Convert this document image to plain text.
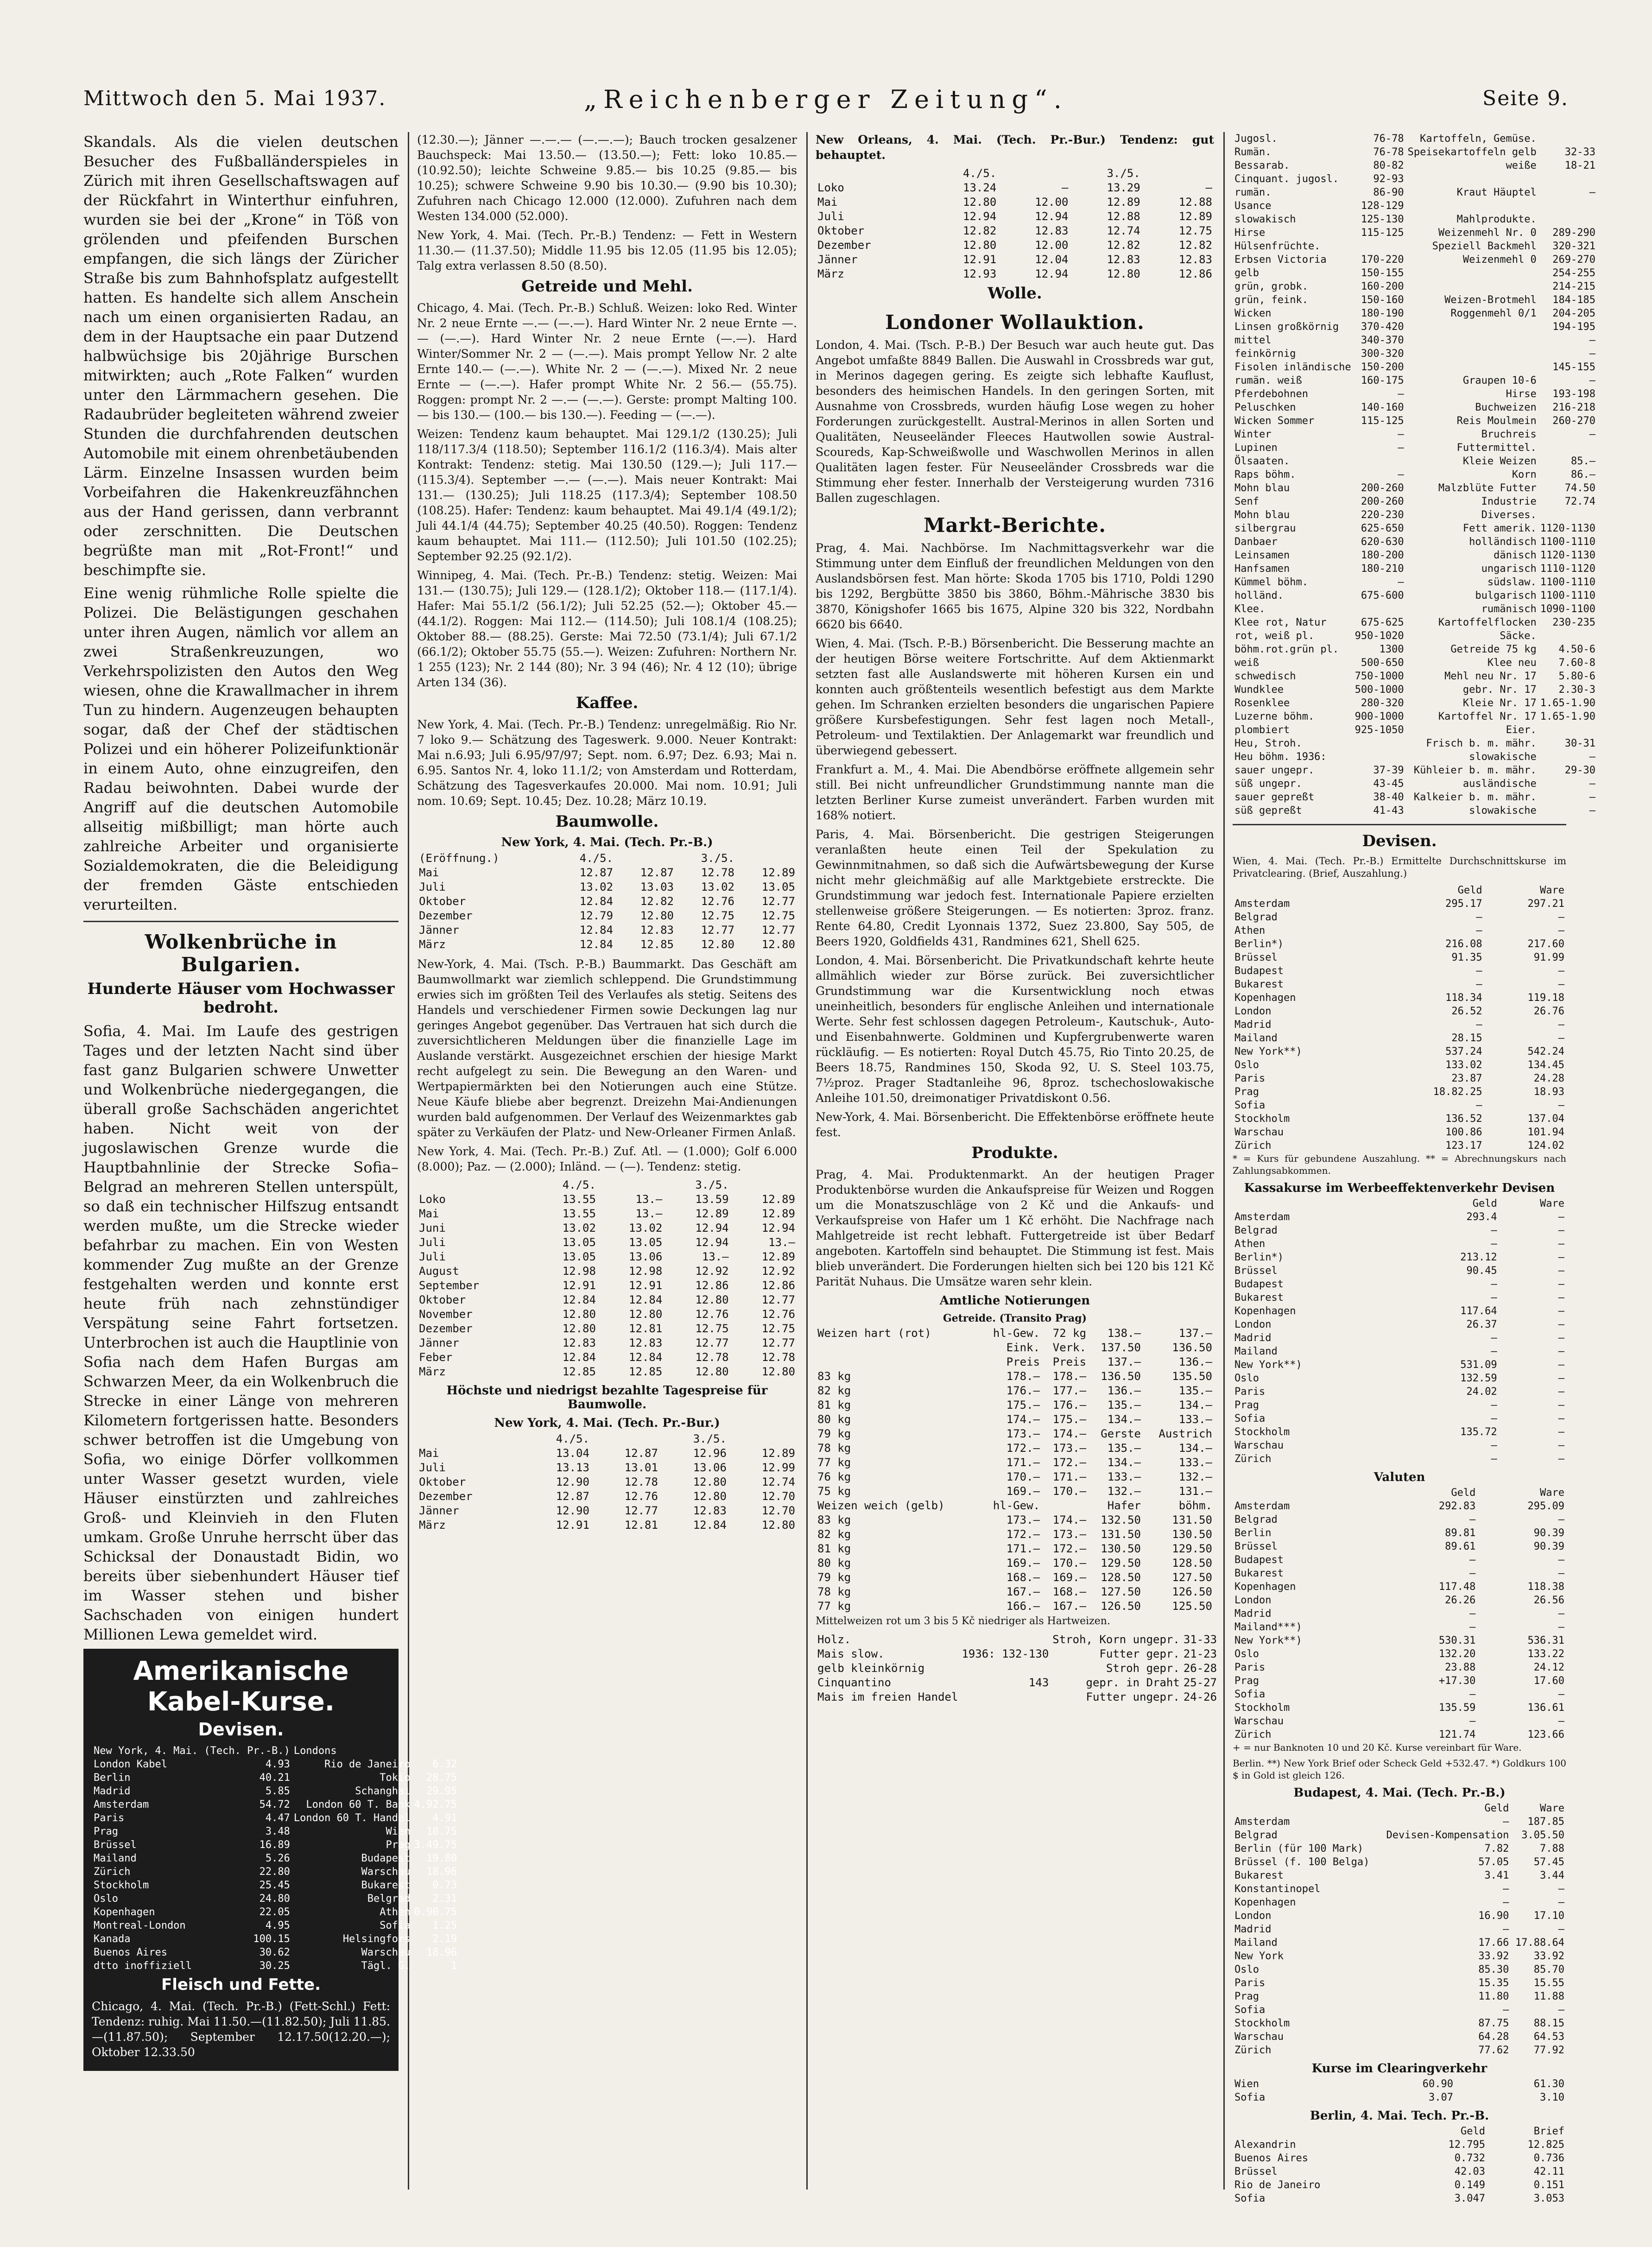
Mittwoch den 5. Mai 1937.	„Reichenberger Zeitung“.	Seite 9.

Skandals. Als die vielen deutschen Besucher des Fußballänderspieles in Zürich mit ihren Gesellschaftswagen auf der Rückfahrt in Winterthur einfuhren, wurden sie bei der „Krone“ in Töß von grölenden und pfeifenden Burschen empfangen, die sich längs der Züricher Straße bis zum Bahnhofsplatz aufgestellt hatten. Es handelte sich allem Anschein nach um einen organisierten Radau, an dem in der Hauptsache ein paar Dutzend halbwüchsige bis 20jährige Burschen mitwirkten; auch „Rote Falken“ wurden unter den Lärmmachern gesehen. Die Radaubrüder begleiteten während zweier Stunden die durchfahrenden deutschen Automobile mit einem ohrenbetäubenden Lärm. Einzelne Insassen wurden beim Vorbeifahren die Hakenkreuzfähnchen aus der Hand gerissen, dann verbrannt oder zerschnitten. Die Deutschen begrüßte man mit „Rot-Front!“ und beschimpfte sie.

Eine wenig rühmliche Rolle spielte die Polizei. Die Belästigungen geschahen unter ihren Augen, nämlich vor allem an zwei Straßenkreuzungen, wo Verkehrspolizisten den Autos den Weg wiesen, ohne die Krawallmacher in ihrem Tun zu hindern. Augenzeugen behaupten sogar, daß der Chef der städtischen Polizei und ein höherer Polizeifunktionär in einem Auto, ohne einzugreifen, den Radau beiwohnten. Dabei wurde der Angriff auf die deutschen Automobile allseitig mißbilligt; man hörte auch zahlreiche Arbeiter und organisierte Sozialdemokraten, die die Beleidigung der fremden Gäste entschieden verurteilten.

Wolkenbrüche in Bulgarien.
Hunderte Häuser vom Hochwasser bedroht.

Sofia, 4. Mai. Im Laufe des gestrigen Tages und der letzten Nacht sind über fast ganz Bulgarien schwere Unwetter und Wolkenbrüche niedergegangen, die überall große Sachschäden angerichtet haben. Nicht weit von der jugoslawischen Grenze wurde die Hauptbahnlinie der Strecke Sofia–Belgrad an mehreren Stellen unterspült, so daß ein technischer Hilfszug entsandt werden mußte, um die Strecke wieder befahrbar zu machen. Ein von Westen kommender Zug mußte an der Grenze festgehalten werden und konnte erst heute früh nach zehnstündiger Verspätung seine Fahrt fortsetzen. Unterbrochen ist auch die Hauptlinie von Sofia nach dem Hafen Burgas am Schwarzen Meer, da ein Wolkenbruch die Strecke in einer Länge von mehreren Kilometern fortgerissen hatte. Besonders schwer betroffen ist die Umgebung von Sofia, wo einige Dörfer vollkommen unter Wasser gesetzt wurden, viele Häuser einstürzten und zahlreiches Groß- und Kleinvieh in den Fluten umkam. Große Unruhe herrscht über das Schicksal der Donaustadt Bidin, wo bereits über siebenhundert Häuser tief im Wasser stehen und bisher Sachschaden von einigen hundert Millionen Lewa gemeldet wird.

Amerikanische Kabel-Kurse.
Devisen.
New York, 4. Mai. (Tech. Pr.-B.)		Londons	
London Kabel	4.93	Rio de Janeiro	6.32
Berlin	40.21	Tokio	28.75
Madrid	5.85	Schanghai	29.95
Amsterdam	54.72	London 60 T. Bank	4.92.75
Paris	4.47	London 60 T. Handel	4.91
Prag	3.48	Wien	18.75
Brüssel	16.89	Prag	3.49.75
Mailand	5.26	Budapest	19.80
Zürich	22.80	Warschau	18.96
Stockholm	25.45	Bukarest	0.73
Oslo	24.80	Belgrad	2.31
Kopenhagen	22.05	Athen	0.90.75
Montreal-London	4.95	Sofia	1.25
Kanada	100.15	Helsingfors	2.19
Buenos Aires	30.62	Warschau	18.96
dtto inoffiziell	30.25	Tägl. G.	1
Fleisch und Fette.

Chicago, 4. Mai. (Tech. Pr.-B.) (Fett-Schl.) Fett: Tendenz: ruhig. Mai 11.50.—(11.82.50); Juli 11.85.—(11.87.50); September 12.17.50(12.20.—); Oktober 12.33.50

(12.30.—); Jänner —.—.— (—.—.—); Bauch trocken gesalzener Bauchspeck: Mai 13.50.— (13.50.—); Fett: loko 10.85.— (10.92.50); leichte Schweine 9.85.— bis 10.25 (9.85.— bis 10.25); schwere Schweine 9.90 bis 10.30.— (9.90 bis 10.30); Zufuhren nach Chicago 12.000 (12.000). Zufuhren nach dem Westen 134.000 (52.000).

New York, 4. Mai. (Tech. Pr.-B.) Tendenz: — Fett in Western 11.30.— (11.37.50); Middle 11.95 bis 12.05 (11.95 bis 12.05); Talg extra verlassen 8.50 (8.50).

Getreide und Mehl.

Chicago, 4. Mai. (Tech. Pr.-B.) Schluß. Weizen: loko Red. Winter Nr. 2 neue Ernte —.— (—.—). Hard Winter Nr. 2 neue Ernte —.— (—.—). Hard Winter Nr. 2 neue Ernte (—.—). Hard Winter/Sommer Nr. 2 — (—.—). Mais prompt Yellow Nr. 2 alte Ernte 140.— (—.—). White Nr. 2 — (—.—). Mixed Nr. 2 neue Ernte — (—.—). Hafer prompt White Nr. 2 56.— (55.75). Roggen: prompt Nr. 2 —.— (—.—). Gerste: prompt Malting 100.— bis 130.— (100.— bis 130.—). Feeding — (—.—).

Weizen: Tendenz kaum behauptet. Mai 129.1/2 (130.25); Juli 118/117.3/4 (118.50); September 116.1/2 (116.3/4). Mais alter Kontrakt: Tendenz: stetig. Mai 130.50 (129.—); Juli 117.— (115.3/4). September —.— (—.—). Mais neuer Kontrakt: Mai 131.— (130.25); Juli 118.25 (117.3/4); September 108.50 (108.25). Hafer: Tendenz: kaum behauptet. Mai 49.1/4 (49.1/2); Juli 44.1/4 (44.75); September 40.25 (40.50). Roggen: Tendenz kaum behauptet. Mai 111.— (112.50); Juli 101.50 (102.25); September 92.25 (92.1/2).

Winnipeg, 4. Mai. (Tech. Pr.-B.) Tendenz: stetig. Weizen: Mai 131.— (130.75); Juli 129.— (128.1/2); Oktober 118.— (117.1/4). Hafer: Mai 55.1/2 (56.1/2); Juli 52.25 (52.—); Oktober 45.— (44.1/2). Roggen: Mai 112.— (114.50); Juli 108.1/4 (108.25); Oktober 88.— (88.25). Gerste: Mai 72.50 (73.1/4); Juli 67.1/2 (66.1/2); Oktober 55.75 (55.—). Weizen: Zufuhren: Northern Nr. 1 255 (123); Nr. 2 144 (80); Nr. 3 94 (46); Nr. 4 12 (10); übrige Arten 134 (36).

Kaffee.

New York, 4. Mai. (Tech. Pr.-B.) Tendenz: unregelmäßig. Rio Nr. 7 loko 9.— Schätzung des Tageswerk. 9.000. Neuer Kontrakt: Mai n.6.93; Juli 6.95/97/97; Sept. nom. 6.97; Dez. 6.93; Mai n. 6.95. Santos Nr. 4, loko 11.1/2; von Amsterdam und Rotterdam, Schätzung des Tagesverkaufes 20.000. Mai nom. 10.91; Juli nom. 10.69; Sept. 10.45; Dez. 10.28; März 10.19.

Baumwolle.
New York, 4. Mai. (Tech. Pr.-B.)
(Eröffnung.)	4./5.		3./5.	
Mai	12.87	12.87	12.78	12.89
Juli	13.02	13.03	13.02	13.05
Oktober	12.84	12.82	12.76	12.77
Dezember	12.79	12.80	12.75	12.75
Jänner	12.84	12.83	12.77	12.77
März	12.84	12.85	12.80	12.80

New-York, 4. Mai. (Tsch. P.-B.) Baummarkt. Das Geschäft am Baumwollmarkt war ziemlich schleppend. Die Grundstimmung erwies sich im größten Teil des Verlaufes als stetig. Seitens des Handels und verschiedener Firmen sowie Deckungen lag nur geringes Angebot gegenüber. Das Vertrauen hat sich durch die zuversichtlicheren Meldungen über die finanzielle Lage im Auslande verstärkt. Ausgezeichnet erschien der hiesige Markt recht aufgelegt zu sein. Die Bewegung an den Waren- und Wertpapiermärkten bei den Notierungen auch eine Stütze. Neue Käufe bliebe aber begrenzt. Dreizehn Mai-Andienungen wurden bald aufgenommen. Der Verlauf des Weizenmarktes gab später zu Verkäufen der Platz- und New-Orleaner Firmen Anlaß.

New York, 4. Mai. (Tech. Pr.-B.) Zuf. Atl. — (1.000); Golf 6.000 (8.000); Paz. — (2.000); Inländ. — (—). Tendenz: stetig.

	4./5.		3./5.	
Loko	13.55	13.—	13.59	12.89
Mai	13.55	13.—	12.89	12.89
Juni	13.02	13.02	12.94	12.94
Juli	13.05	13.05	12.94	13.—
Juli	13.05	13.06	13.—	12.89
August	12.98	12.98	12.92	12.92
September	12.91	12.91	12.86	12.86
Oktober	12.84	12.84	12.80	12.77
November	12.80	12.80	12.76	12.76
Dezember	12.80	12.81	12.75	12.75
Jänner	12.83	12.83	12.77	12.77
Feber	12.84	12.84	12.78	12.78
März	12.85	12.85	12.80	12.80
Höchste und niedrigst bezahlte Tagespreise für Baumwolle.
New York, 4. Mai. (Tech. Pr.-Bur.)
	4./5.		3./5.	
Mai	13.04	12.87	12.96	12.89
Juli	13.13	13.01	13.06	12.99
Oktober	12.90	12.78	12.80	12.74
Dezember	12.87	12.76	12.80	12.70
Jänner	12.90	12.77	12.83	12.70
März	12.91	12.81	12.84	12.80

New Orleans, 4. Mai. (Tech. Pr.-Bur.) Tendenz: gut behauptet.

	4./5.		3./5.	
Loko	13.24	—	13.29	—
Mai	12.80	12.00	12.89	12.88
Juli	12.94	12.94	12.88	12.89
Oktober	12.82	12.83	12.74	12.75
Dezember	12.80	12.00	12.82	12.82
Jänner	12.91	12.04	12.83	12.83
März	12.93	12.94	12.80	12.86
Wolle.
Londoner Wollauktion.

London, 4. Mai. (Tsch. P.-B.) Der Besuch war auch heute gut. Das Angebot umfaßte 8849 Ballen. Die Auswahl in Crossbreds war gut, in Merinos dagegen gering. Es zeigte sich lebhafte Kauflust, besonders des heimischen Handels. In den geringen Sorten, mit Ausnahme von Crossbreds, wurden häufig Lose wegen zu hoher Forderungen zurückgestellt. Austral-Merinos in allen Sorten und Qualitäten, Neuseeländer Fleeces Hautwollen sowie Austral-Scoureds, Kap-Schweißwolle und Waschwollen Merinos in allen Qualitäten lagen fester. Für Neuseeländer Crossbreds war die Stimmung eher fester. Innerhalb der Versteigerung wurden 7316 Ballen zugeschlagen.

Markt-Berichte.

Prag, 4. Mai. Nachbörse. Im Nachmittagsverkehr war die Stimmung unter dem Einfluß der freundlichen Meldungen von den Auslandsbörsen fest. Man hörte: Skoda 1705 bis 1710, Poldi 1290 bis 1292, Bergbütte 3850 bis 3860, Böhm.-Mährische 3830 bis 3870, Königshofer 1665 bis 1675, Alpine 320 bis 322, Nordbahn 6620 bis 6640.

Wien, 4. Mai. (Tsch. P.-B.) Börsenbericht. Die Besserung machte an der heutigen Börse weitere Fortschritte. Auf dem Aktienmarkt setzten fast alle Auslandswerte mit höheren Kursen ein und konnten auch größtenteils wesentlich befestigt aus dem Markte gehen. Im Schranken erzielten besonders die ungarischen Papiere größere Kursbefestigungen. Sehr fest lagen noch Metall-, Petroleum- und Textilaktien. Der Anlagemarkt war freundlich und überwiegend gebessert.

Frankfurt a. M., 4. Mai. Die Abendbörse eröffnete allgemein sehr still. Bei nicht unfreundlicher Grundstimmung nannte man die letzten Berliner Kurse zumeist unverändert. Farben wurden mit 168% notiert.

Paris, 4. Mai. Börsenbericht. Die gestrigen Steigerungen veranlaßten heute einen Teil der Spekulation zu Gewinnmitnahmen, so daß sich die Aufwärtsbewegung der Kurse nicht mehr gleichmäßig auf alle Marktgebiete erstreckte. Die Grundstimmung war jedoch fest. Internationale Papiere erzielten stellenweise größere Steigerungen. — Es notierten: 3proz. franz. Rente 64.80, Credit Lyonnais 1372, Suez 23.800, Say 505, de Beers 1920, Goldfields 431, Randmines 621, Shell 625.

London, 4. Mai. Börsenbericht. Die Privatkundschaft kehrte heute allmählich wieder zur Börse zurück. Bei zuversichtlicher Grundstimmung war die Kursentwicklung noch etwas uneinheitlich, besonders für englische Anleihen und internationale Werte. Sehr fest schlossen dagegen Petroleum-, Kautschuk-, Auto- und Eisenbahnwerte. Goldminen und Kupfergrubenwerte waren rückläufig. — Es notierten: Royal Dutch 45.75, Rio Tinto 20.25, de Beers 18.75, Randmines 150, Skoda 92, U. S. Steel 103.75, 7½proz. Prager Stadtanleihe 96, 8proz. tschechoslowakische Anleihe 101.50, dreimonatiger Privatdiskont 0.56.

New-York, 4. Mai. Börsenbericht. Die Effektenbörse eröffnete heute fest.

Produkte.

Prag, 4. Mai. Produktenmarkt. An der heutigen Prager Produktenbörse wurden die Ankaufspreise für Weizen und Roggen um die Monatszuschläge von 2 Kč und die Ankaufs- und Verkaufspreise von Hafer um 1 Kč erhöht. Die Nachfrage nach Mahlgetreide ist recht lebhaft. Futtergetreide ist über Bedarf angeboten. Kartoffeln sind behauptet. Die Stimmung ist fest. Mais blieb unverändert. Die Forderungen hielten sich bei 120 bis 121 Kč Parität Nuhaus. Die Umsätze waren sehr klein.

Amtliche Notierungen
Getreide. (Transito Prag)
Weizen hart (rot)	hl-Gew.	72 kg	138.—	137.—
	Eink.	Verk.	137.50	136.50
	Preis	Preis	137.—	136.—
83 kg	178.—	178.—	136.50	135.50
82 kg	176.—	177.—	136.—	135.—
81 kg	175.—	176.—	135.—	134.—
80 kg	174.—	175.—	134.—	133.—
79 kg	173.—	174.—	Gerste	Austrich
78 kg	172.—	173.—	135.—	134.—
77 kg	171.—	172.—	134.—	133.—
76 kg	170.—	171.—	133.—	132.—
75 kg	169.—	170.—	132.—	131.—
Weizen weich (gelb)	hl-Gew.		Hafer	böhm.
83 kg	173.—	174.—	132.50	131.50
82 kg	172.—	173.—	131.50	130.50
81 kg	171.—	172.—	130.50	129.50
80 kg	169.—	170.—	129.50	128.50
79 kg	168.—	169.—	128.50	127.50
78 kg	167.—	168.—	127.50	126.50
77 kg	166.—	167.—	126.50	125.50

Mittelweizen rot um 3 bis 5 Kč niedriger als Hartweizen.

Holz.		Stroh, Korn ungepr.	31-33
Mais slow.	1936: 132-130	Futter gepr.	21-23
gelb kleinkörnig		Stroh gepr.	26-28
Cinquantino	143	gepr. in Draht	25-27
Mais im freien Handel		Futter ungepr.	24-26
Jugosl.	76-78	Kartoffeln, Gemüse.	
Rumän.	76-78	Speisekartoffeln gelb	32-33
Bessarab.	80-82	weiße	18-21
Cinquant. jugosl.	92-93		
rumän.	86-90	Kraut Häuptel	—
Usance	128-129		
slowakisch	125-130	Mahlprodukte.	
Hirse	115-125	Weizenmehl Nr. 0	289-290
Hülsenfrüchte.		Speziell Backmehl	320-321
Erbsen Victoria	170-220	Weizenmehl 0	269-270
gelb	150-155		254-255
grün, grobk.	160-200		214-215
grün, feink.	150-160	Weizen-Brotmehl	184-185
Wicken	180-190	Roggenmehl 0/1	204-205
Linsen großkörnig	370-420		194-195
mittel	340-370		—
feinkörnig	300-320		—
Fisolen inländische	150-200		145-155
rumän. weiß	160-175	Graupen 10-6	—
Pferdebohnen	—	Hirse	193-198
Peluschken	140-160	Buchweizen	216-218
Wicken Sommer	115-125	Reis Moulmein	260-270
Winter	—	Bruchreis	—
Lupinen	—	Futtermittel.	
Ölsaaten.		Kleie Weizen	85.—
Raps böhm.	—	Korn	86.—
Mohn blau	200-260	Malzblüte Futter	74.50
Senf	200-260	Industrie	72.74
Mohn blau	220-230	Diverses.	
silbergrau	625-650	Fett amerik.	1120-1130
Danbaer	620-630	holländisch	1100-1110
Leinsamen	180-200	dänisch	1120-1130
Hanfsamen	180-210	ungarisch	1110-1120
Kümmel böhm.	—	südslaw.	1100-1110
holländ.	675-600	bulgarisch	1100-1110
Klee.		rumänisch	1090-1100
Klee rot, Natur	675-625	Kartoffelflocken	230-235
rot, weiß pl.	950-1020	Säcke.	
böhm.rot.grün pl.	1300	Getreide 75 kg	4.50-6
weiß	500-650	Klee neu	7.60-8
schwedisch	750-1000	Mehl neu Nr. 17	5.80-6
Wundklee	500-1000	gebr. Nr. 17	2.30-3
Rosenklee	280-320	Kleie Nr. 17	1.65-1.90
Luzerne böhm.	900-1000	Kartoffel Nr. 17	1.65-1.90
plombiert	925-1050	Eier.	
Heu, Stroh.		Frisch b. m. mähr.	30-31
Heu böhm. 1936:		slowakische	—
sauer ungepr.	37-39	Kühleier b. m. mähr.	29-30
süß ungepr.	43-45	ausländische	—
sauer gepreßt	38-40	Kalkeier b. m. mähr.	—
süß gepreßt	41-43	slowakische	—
Devisen.

Wien, 4. Mai. (Tech. Pr.-B.) Ermittelte Durchschnittskurse im Privatclearing. (Brief, Auszahlung.)

	Geld	Ware
Amsterdam	295.17	297.21
Belgrad	—	—
Athen	—	—
Berlin*)	216.08	217.60
Brüssel	91.35	91.99
Budapest	—	—
Bukarest	—	—
Kopenhagen	118.34	119.18
London	26.52	26.76
Madrid	—	—
Mailand	28.15	—
New York**)	537.24	542.24
Oslo	133.02	134.45
Paris	23.87	24.28
Prag	18.82.25	18.93
Sofia	—	—
Stockholm	136.52	137.04
Warschau	100.86	101.94
Zürich	123.17	124.02

* = Kurs für gebundene Auszahlung. ** = Abrechnungskurs nach Zahlungsabkommen.

Kassakurse im Werbeeffektenverkehr Devisen
	Geld	Ware
Amsterdam	293.4	—
Belgrad	—	—
Athen	—	—
Berlin*)	213.12	—
Brüssel	90.45	—
Budapest	—	—
Bukarest	—	—
Kopenhagen	117.64	—
London	26.37	—
Madrid	—	—
Mailand	—	—
New York**)	531.09	—
Oslo	132.59	—
Paris	24.02	—
Prag	—	—
Sofia	—	—
Stockholm	135.72	—
Warschau	—	—
Zürich	—	—
Valuten
	Geld	Ware
Amsterdam	292.83	295.09
Belgrad	—	—
Berlin	89.81	90.39
Brüssel	89.61	90.39
Budapest	—	—
Bukarest	—	—
Kopenhagen	117.48	118.38
London	26.26	26.56
Madrid	—	—
Mailand***)	—	—
New York**)	530.31	536.31
Oslo	132.20	133.22
Paris	23.88	24.12
Prag	+17.30	17.60
Sofia	—	—
Stockholm	135.59	136.61
Warschau	—	—
Zürich	121.74	123.66

+ = nur Banknoten 10 und 20 Kč. Kurse vereinbart für Ware.

Berlin. **) New York Brief oder Scheck Geld +532.47. *) Goldkurs 100 $ in Gold ist gleich 126.

Budapest, 4. Mai. (Tech. Pr.-B.)
	Geld	Ware
Amsterdam	—	187.85
Belgrad	Devisen-Kompensation	3.05.50
Berlin (für 100 Mark)	7.82	7.88
Brüssel (f. 100 Belga)	57.05	57.45
Bukarest	3.41	3.44
Konstantinopel	—	—
Kopenhagen	—	—
London	16.90	17.10
Madrid	—	—
Mailand	17.66	17.88.64
New York	33.92	33.92
Oslo	85.30	85.70
Paris	15.35	15.55
Prag	11.80	11.88
Sofia	—	—
Stockholm	87.75	88.15
Warschau	64.28	64.53
Zürich	77.62	77.92
Kurse im Clearingverkehr
Wien	60.90	61.30
Sofia	3.07	3.10
Berlin, 4. Mai. Tech. Pr.-B.
	Geld	Brief
Alexandrin	12.795	12.825
Buenos Aires	0.732	0.736
Brüssel	42.03	42.11
Rio de Janeiro	0.149	0.151
Sofia	3.047	3.053
